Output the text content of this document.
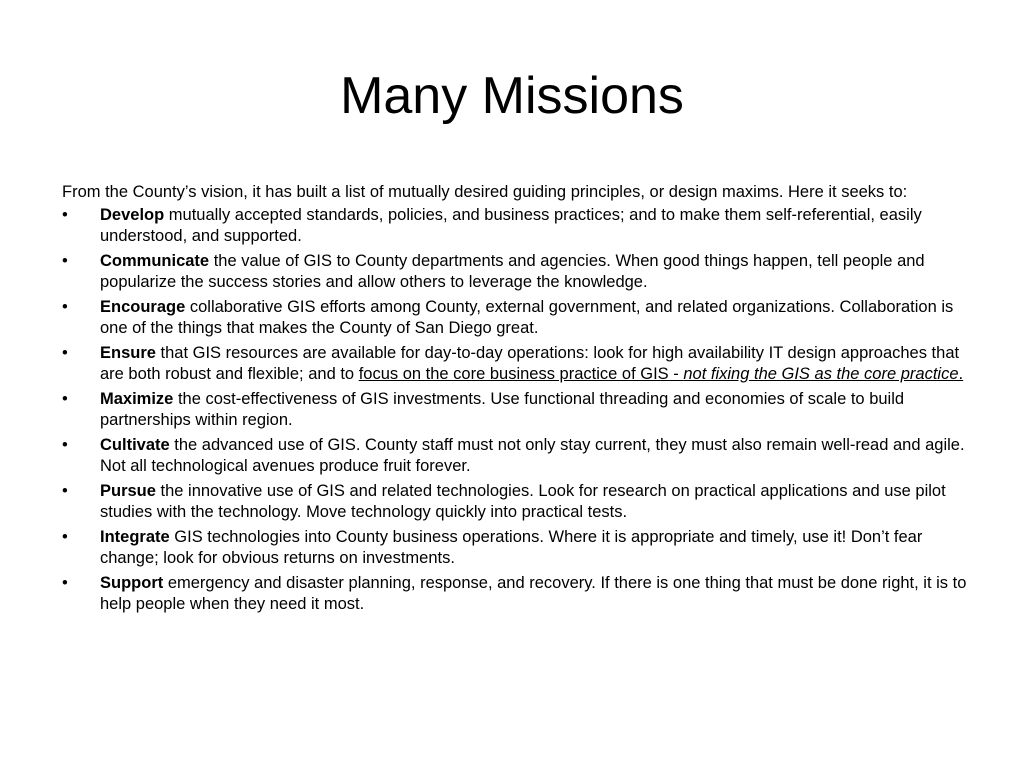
Many Missions

From the County’s vision, it has built a list of mutually desired guiding principles, or design maxims. Here it seeks to:

•	Develop mutually accepted standards, policies, and business practices; and to make them self-referential, easily understood, and supported.
•	Communicate the value of GIS to County departments and agencies. When good things happen, tell people and popularize the success stories and allow others to leverage the knowledge.
•	Encourage collaborative GIS efforts among County, external government, and related organizations. Collaboration is one of the things that makes the County of San Diego great.
•	Ensure that GIS resources are available for day-to-day operations: look for high availability IT design approaches that are both robust and flexible; and to focus on the core business practice of GIS - not fixing the GIS as the core practice.
•	Maximize the cost-effectiveness of GIS investments. Use functional threading and economies of scale to build partnerships within region.
•	Cultivate the advanced use of GIS. County staff must not only stay current, they must also remain well-read and agile. Not all technological avenues produce fruit forever.
•	Pursue the innovative use of GIS and related technologies. Look for research on practical applications and use pilot studies with the technology. Move technology quickly into practical tests.
•	Integrate GIS technologies into County business operations. Where it is appropriate and timely, use it! Don’t fear change; look for obvious returns on investments.
•	Support emergency and disaster planning, response, and recovery. If there is one thing that must be done right, it is to help people when they need it most.
